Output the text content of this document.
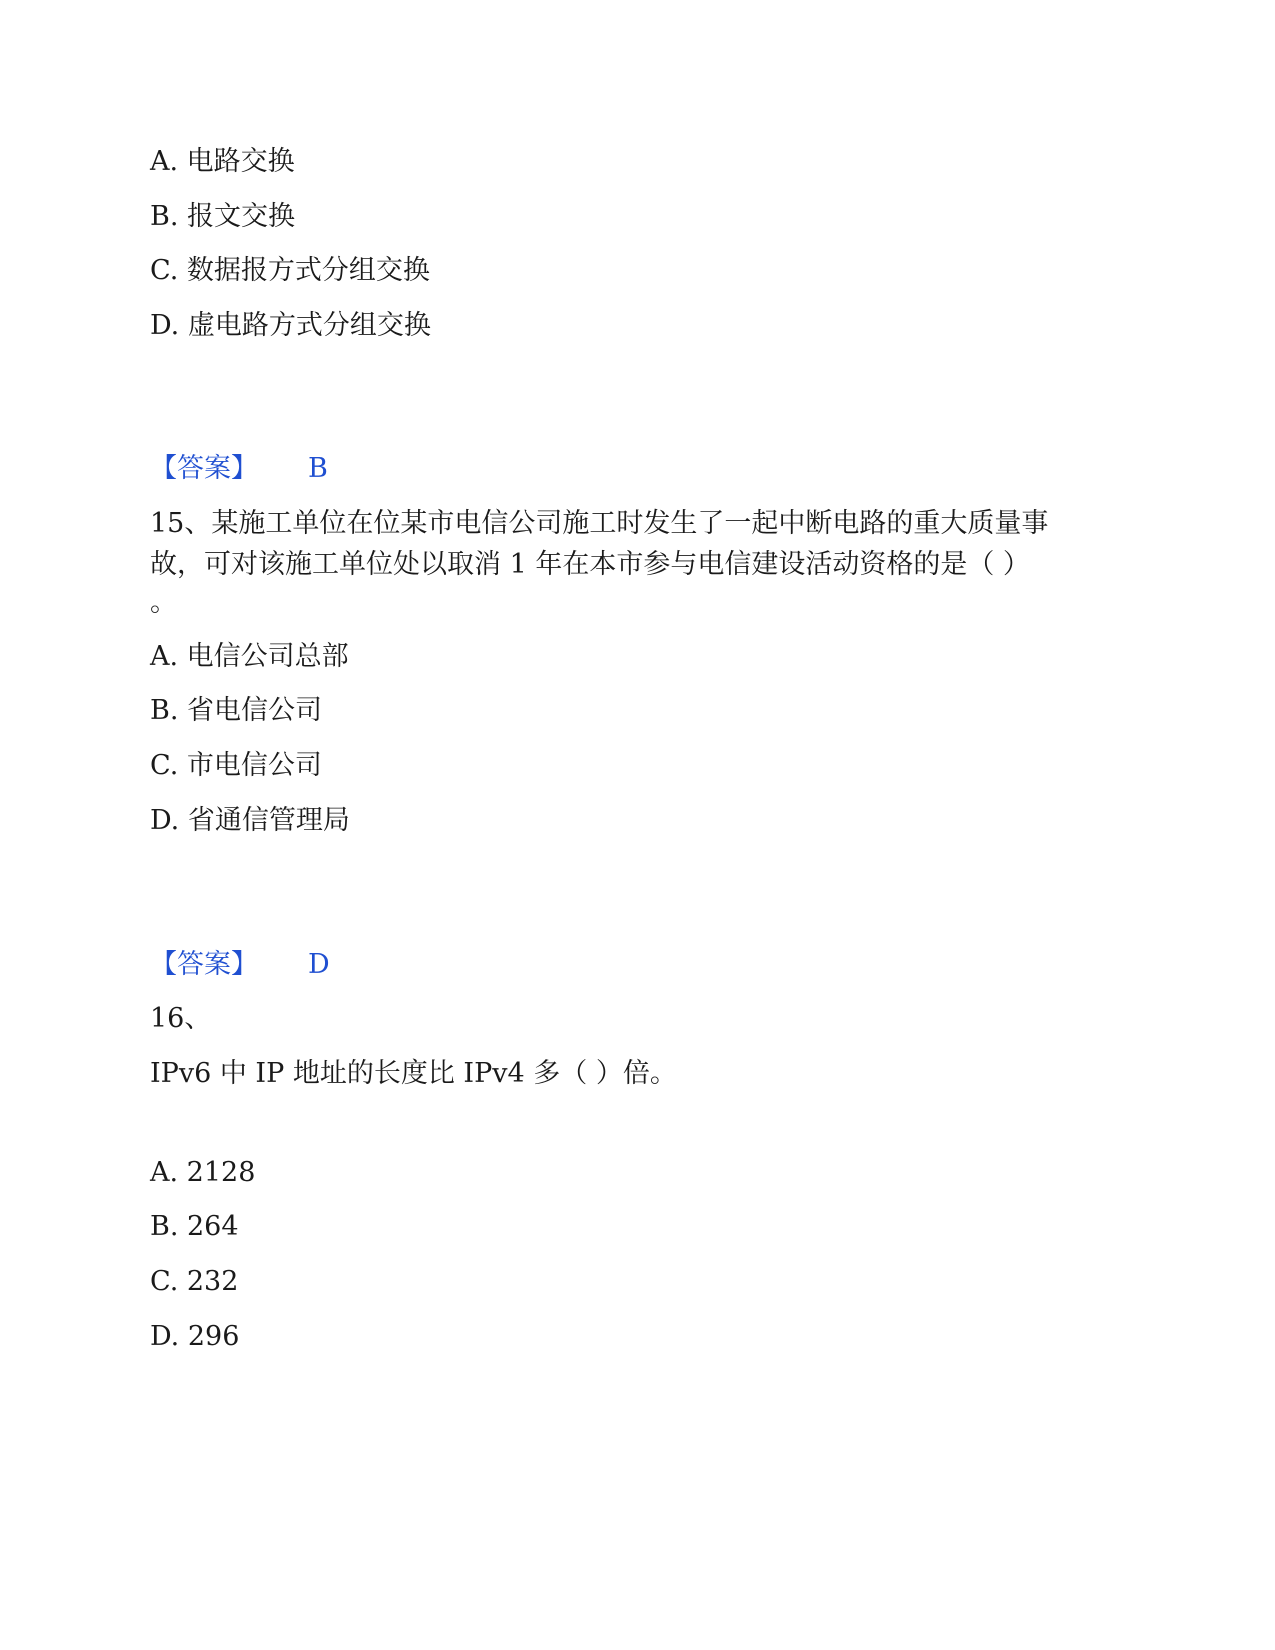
A. 电路交换
B. 报文交换
C. 数据报方式分组交换
D. 虚电路方式分组交换
【答案】 B
15、某施工单位在位某市电信公司施工时发生了一起中断电路的重大质量事
故，可对该施工单位处以取消 1 年在本市参与电信建设活动资格的是（ ）
。
A. 电信公司总部
B. 省电信公司
C. 市电信公司
D. 省通信管理局
【答案】 D
16、
IPv6 中 IP 地址的长度比 IPv4 多（ ）倍。
A. 2128
B. 264
C. 232
D. 296
